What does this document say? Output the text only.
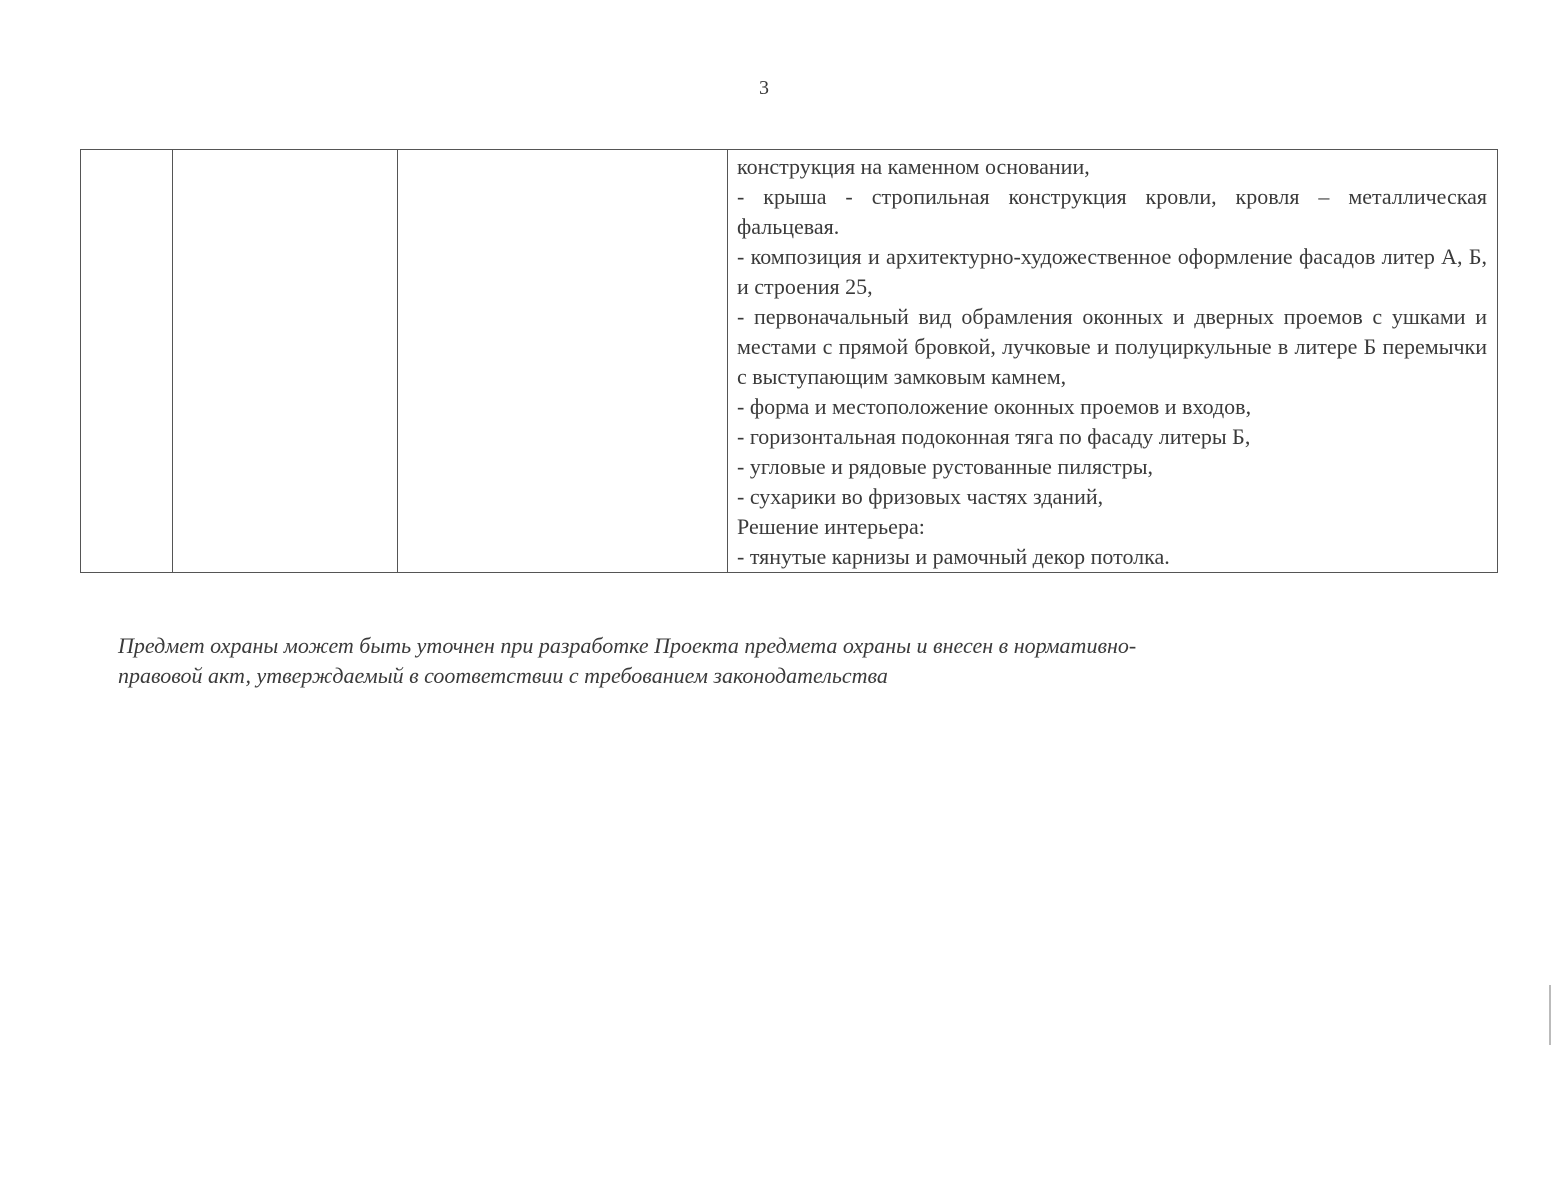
3

конструкция на каменном основании,

- крыша - стропильная конструкция кровли, кровля – металлическая фальцевая.

- композиция и архитектурно-художественное оформление фасадов литер А, Б, и строения 25,

- первоначальный вид обрамления оконных и дверных проемов с ушками и местами с прямой бровкой, лучковые и полуциркульные в литере Б перемычки с выступающим замковым камнем,

- форма и местоположение оконных проемов и входов,

- горизонтальная подоконная тяга по фасаду литеры Б,

- угловые и рядовые рустованные пилястры,

- сухарики во фризовых частях зданий,

Решение интерьера:

- тянутые карнизы и рамочный декор потолка.

Предмет охраны может быть уточнен при разработке Проекта предмета охраны и внесен в нормативно-
правовой акт, утверждаемый в соответствии с требованием законодательства
